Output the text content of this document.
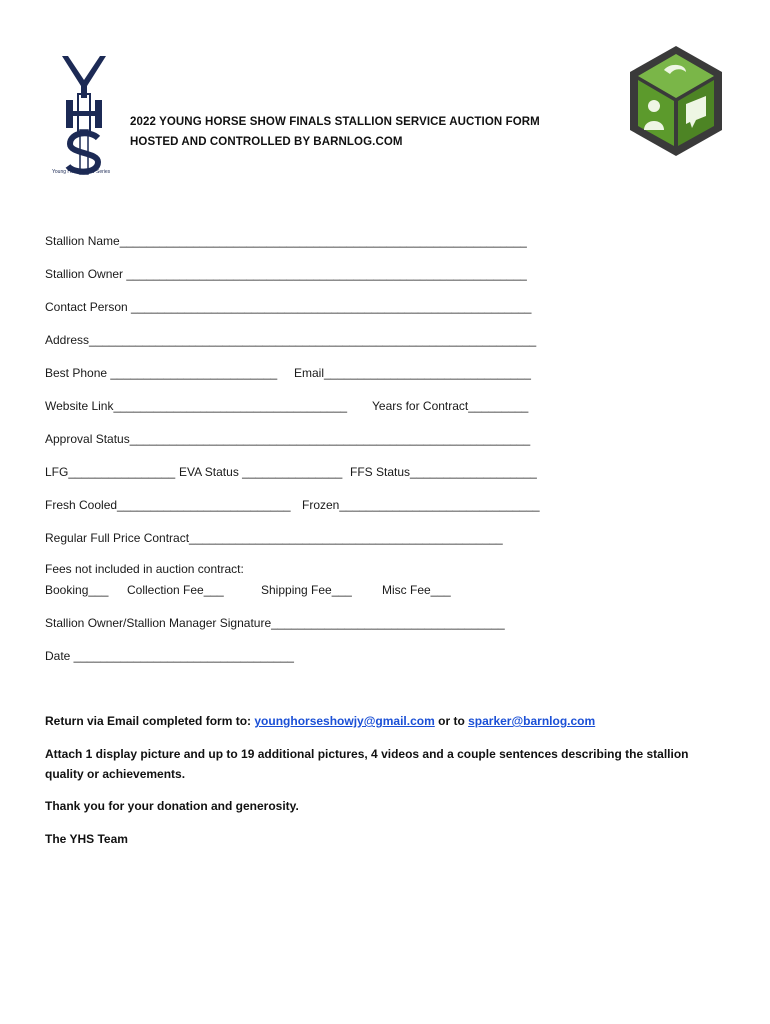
Young Horse Show Series
2022 YOUNG HORSE SHOW FINALS STALLION SERVICE AUCTION FORM
HOSTED AND CONTROLLED BY BARNLOG.COM
Stallion Name_____________________________________________________________
Stallion Owner ____________________________________________________________
Contact Person ____________________________________________________________
Address___________________________________________________________________
Best Phone _________________________ Email_______________________________
Website Link___________________________________ Years for Contract_________
Approval Status____________________________________________________________
LFG________________ EVA Status _______________ FFS Status___________________
Fresh Cooled__________________________ Frozen______________________________
Regular Full Price Contract_______________________________________________
Fees not included in auction contract:
Booking___ Collection Fee___	Shipping Fee___	Misc Fee___
Stallion Owner/Stallion Manager Signature___________________________________
Date _________________________________
Return via Email completed form to: younghorseshowjy@gmail.com or to sparker@barnlog.com
Attach 1 display picture and up to 19 additional pictures, 4 videos and a couple sentences describing the stallion
quality or achievements.
Thank you for your donation and generosity.
The YHS Team
